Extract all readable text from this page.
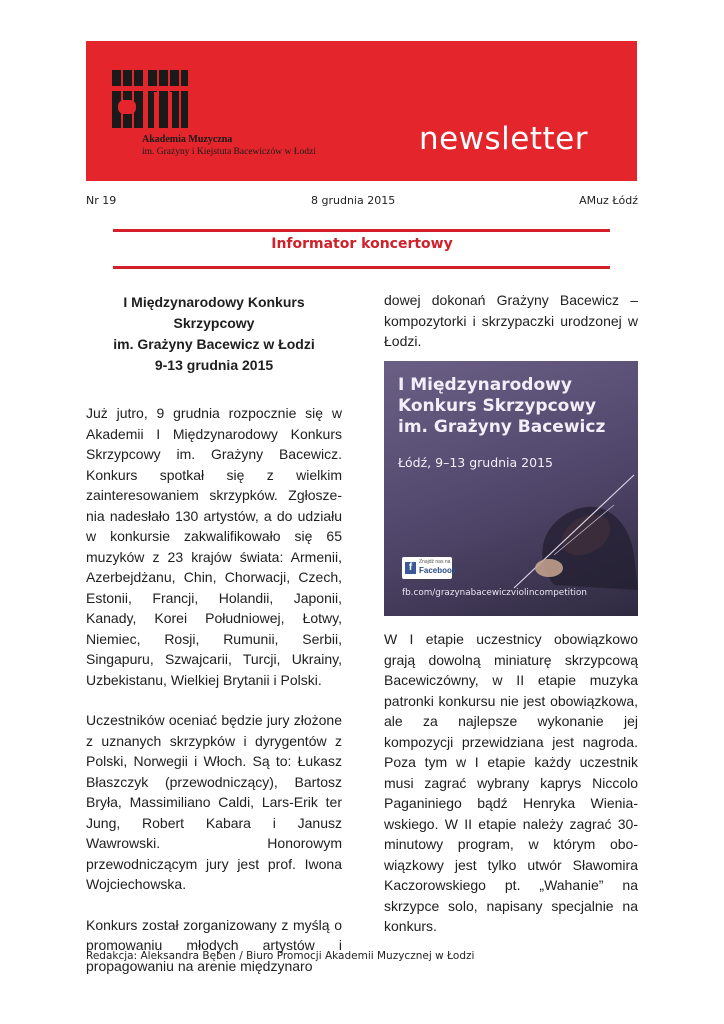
Akademia Muzyczna
im. Grażyny i Kiejstuta Bacewiczów w Łodzi	newsletter
Nr 19	8 grudnia 2015	AMuz Łódź
Informator koncertowy
I Międzynarodowy Konkurs
Skrzypcowy
im. Grażyny Bacewicz w Łodzi
9-13 grudnia 2015

Już jutro, 9 grudnia rozpocznie się w Akademii I Międzynarodowy Konkurs Skrzypcowy im. Grażyny Bacewicz. Konkurs spotkał się z wielkim zainteresowaniem skrzypków. Zgłoszenia nadesłało 130 artystów, a do udziału w konkursie zakwalifikowało się 65 muzyków z 23 krajów świata: Armenii, Azerbejdżanu, Chin, Chorwacji, Czech, Estonii, Francji, Holandii, Japonii, Kanady, Korei Południowej, Łotwy, Niemiec, Rosji, Rumunii, Serbii, Singapuru, Szwajcarii, Turcji, Ukrainy, Uzbekistanu, Wielkiej Brytanii i Polski.

Uczestników oceniać będzie jury złożone z uznanych skrzypków i dyrygentów z Polski, Norwegii i Włoch. Są to: Łukasz Błaszczyk (przewodniczący), Bartosz Bryła, Massimiliano Caldi, Lars-Erik ter Jung, Robert Kabara i Janusz Wawrowski. Honorowym przewodniczącym jury jest prof. Iwona Wojciechowska.

Konkurs został zorganizowany z myślą o promowaniu młodych artystów i propagowaniu na arenie międzynaro

dowej dokonań Grażyny Bacewicz – kompozytorki i skrzypaczki urodzonej w Łodzi.

I Międzynarodowy
Konkurs Skrzypcowy
im. Grażyny Bacewicz
Łódź, 9–13 grudnia 2015
f	Znajdź nas na
Facebook
fb.com/grazynabacewiczviolincompetition

W I etapie uczestnicy obowiązkowo grają dowolną miniaturę skrzypcową Bacewiczówny, w II etapie muzyka patronki konkursu nie jest obowiązkowa, ale za najlepsze wykonanie jej kompozycji przewidziana jest nagroda. Poza tym w I etapie każdy uczestnik musi zagrać wybrany kaprys Niccolo Paganiniego bądź Henryka Wieniawskiego. W II etapie należy zagrać 30-minutowy program, w którym obowiązkowy jest tylko utwór Sławomira Kaczorowskiego pt. „Wahanie” na skrzypce solo, napisany specjalnie na konkurs.

Redakcja: Aleksandra Bęben / Biuro Promocji Akademii Muzycznej w Łodzi
